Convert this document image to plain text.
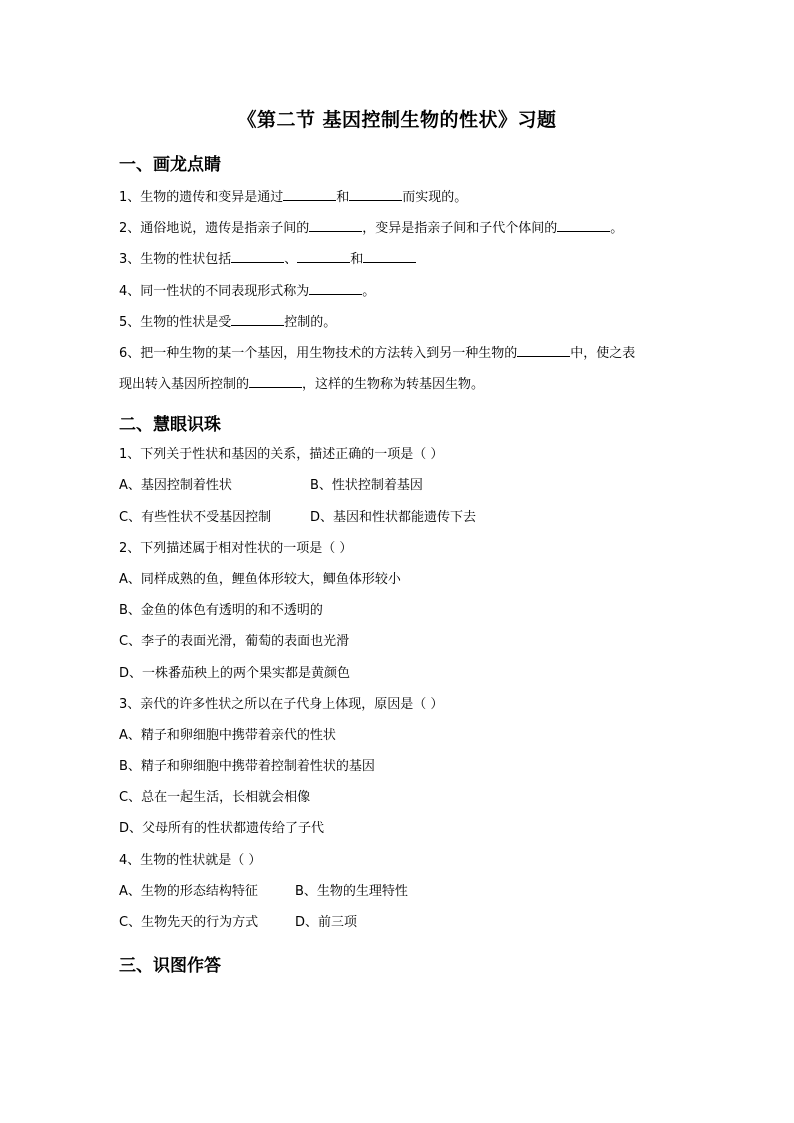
《第二节 基因控制生物的性状》习题
一、画龙点睛
1、生物的遗传和变异是通过	和	而实现的。
2、通俗地说，遗传是指亲子间的	，变异是指亲子间和子代个体间的	。
3、生物的性状包括	、	和
4、同一性状的不同表现形式称为	。
5、生物的性状是受	控制的。
6、把一种生物的某一个基因，用生物技术的方法转入到另一种生物的	中，使之表
现出转入基因所控制的	，这样的生物称为转基因生物。
二、慧眼识珠
1、下列关于性状和基因的关系，描述正确的一项是（ ）
A、基因控制着性状	B、性状控制着基因
C、有些性状不受基因控制	D、基因和性状都能遗传下去
2、下列描述属于相对性状的一项是（ ）
A、同样成熟的鱼，鲤鱼体形较大，鲫鱼体形较小
B、金鱼的体色有透明的和不透明的
C、李子的表面光滑，葡萄的表面也光滑
D、一株番茄秧上的两个果实都是黄颜色
3、亲代的许多性状之所以在子代身上体现，原因是（ ）
A、精子和卵细胞中携带着亲代的性状
B、精子和卵细胞中携带着控制着性状的基因
C、总在一起生活，长相就会相像
D、父母所有的性状都遗传给了子代
4、生物的性状就是（ ）
A、生物的形态结构特征	B、生物的生理特性
C、生物先天的行为方式	D、前三项
三、识图作答
